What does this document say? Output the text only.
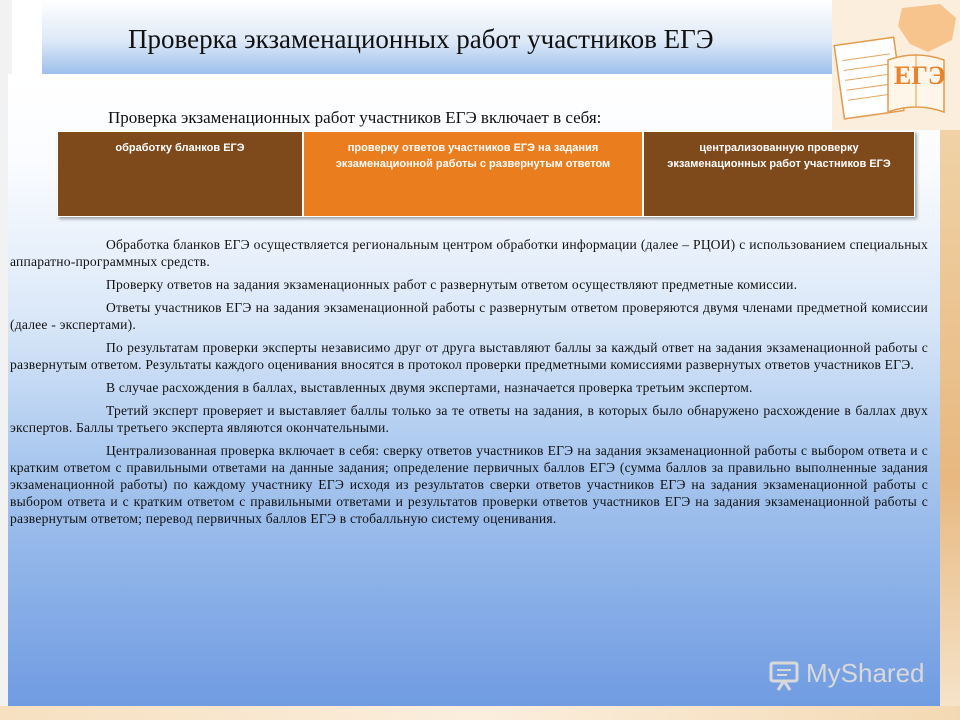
Проверка экзаменационных работ участников ЕГЭ
ЕГЭ
Проверка экзаменационных работ участников ЕГЭ включает в себя:
обработку бланков ЕГЭ	проверку ответов участников ЕГЭ на задания экзаменационной работы с развернутым ответом
централизованную проверку экзаменационных работ участников ЕГЭ

Обработка бланков ЕГЭ осуществляется региональным центром обработки информации (далее – РЦОИ) с использованием специальных аппаратно-программных средств.

Проверку ответов на задания экзаменационных работ с развернутым ответом осуществляют предметные комиссии.

Ответы участников ЕГЭ на задания экзаменационной работы с развернутым ответом проверяются двумя членами предметной комиссии (далее - экспертами).

По результатам проверки эксперты независимо друг от друга выставляют баллы за каждый ответ на задания экзаменационной работы с развернутым ответом. Результаты каждого оценивания вносятся в протокол проверки предметными комиссиями развернутых ответов участников ЕГЭ.

В случае расхождения в баллах, выставленных двумя экспертами, назначается проверка третьим экспертом.

Третий эксперт проверяет и выставляет баллы только за те ответы на задания, в которых было обнаружено расхождение в баллах двух экспертов. Баллы третьего эксперта являются окончательными.

Централизованная проверка включает в себя: сверку ответов участников ЕГЭ на задания экзаменационной работы с выбором ответа и с кратким ответом с правильными ответами на данные задания; определение первичных баллов ЕГЭ (сумма баллов за правильно выполненные задания экзаменационной работы) по каждому участнику ЕГЭ исходя из результатов сверки ответов участников ЕГЭ на задания экзаменационной работы с выбором ответа и с кратким ответом с правильными ответами и результатов проверки ответов участников ЕГЭ на задания экзаменационной работы с развернутым ответом; перевод первичных баллов ЕГЭ в стобалльную систему оценивания.

MyShared
